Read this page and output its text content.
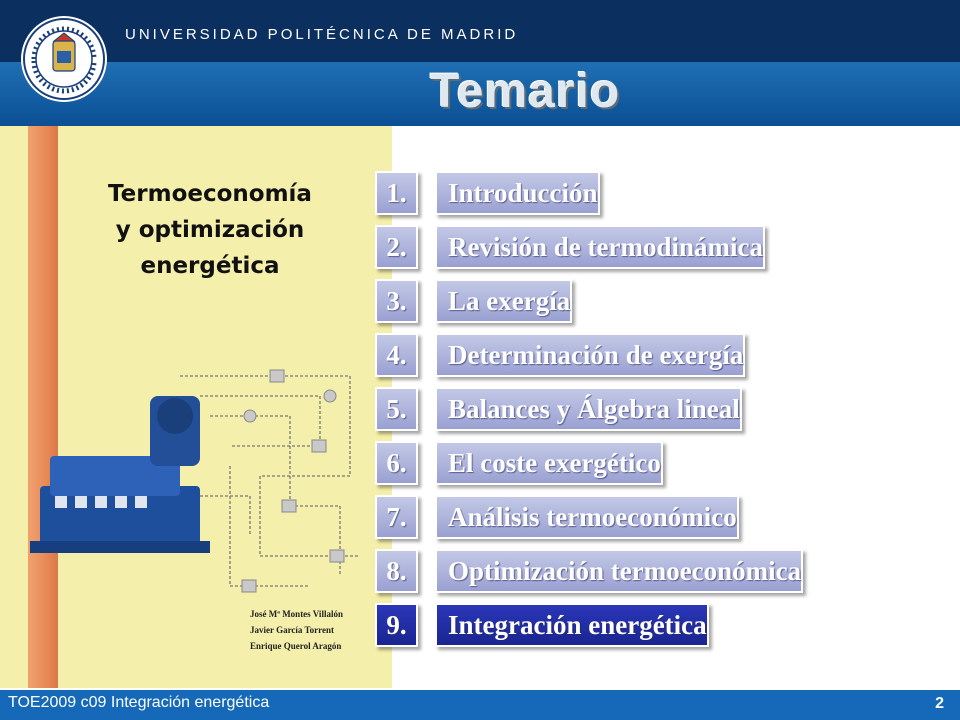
UNIVERSIDAD POLITÉCNICA DE MADRID
Temario
Termoeconomía
y optimización
energética
José Mª Montes Villalón
Javier García Torrent
Enrique Querol Aragón
1.	Introducción
2.	Revisión de termodinámica
3.	La exergía
4.	Determinación de exergía
5.	Balances y Álgebra lineal
6.	El coste exergético
7.	Análisis termoeconómico
8.	Optimización termoeconómica
9.	Integración energética
TOE2009 c09 Integración energética	2
